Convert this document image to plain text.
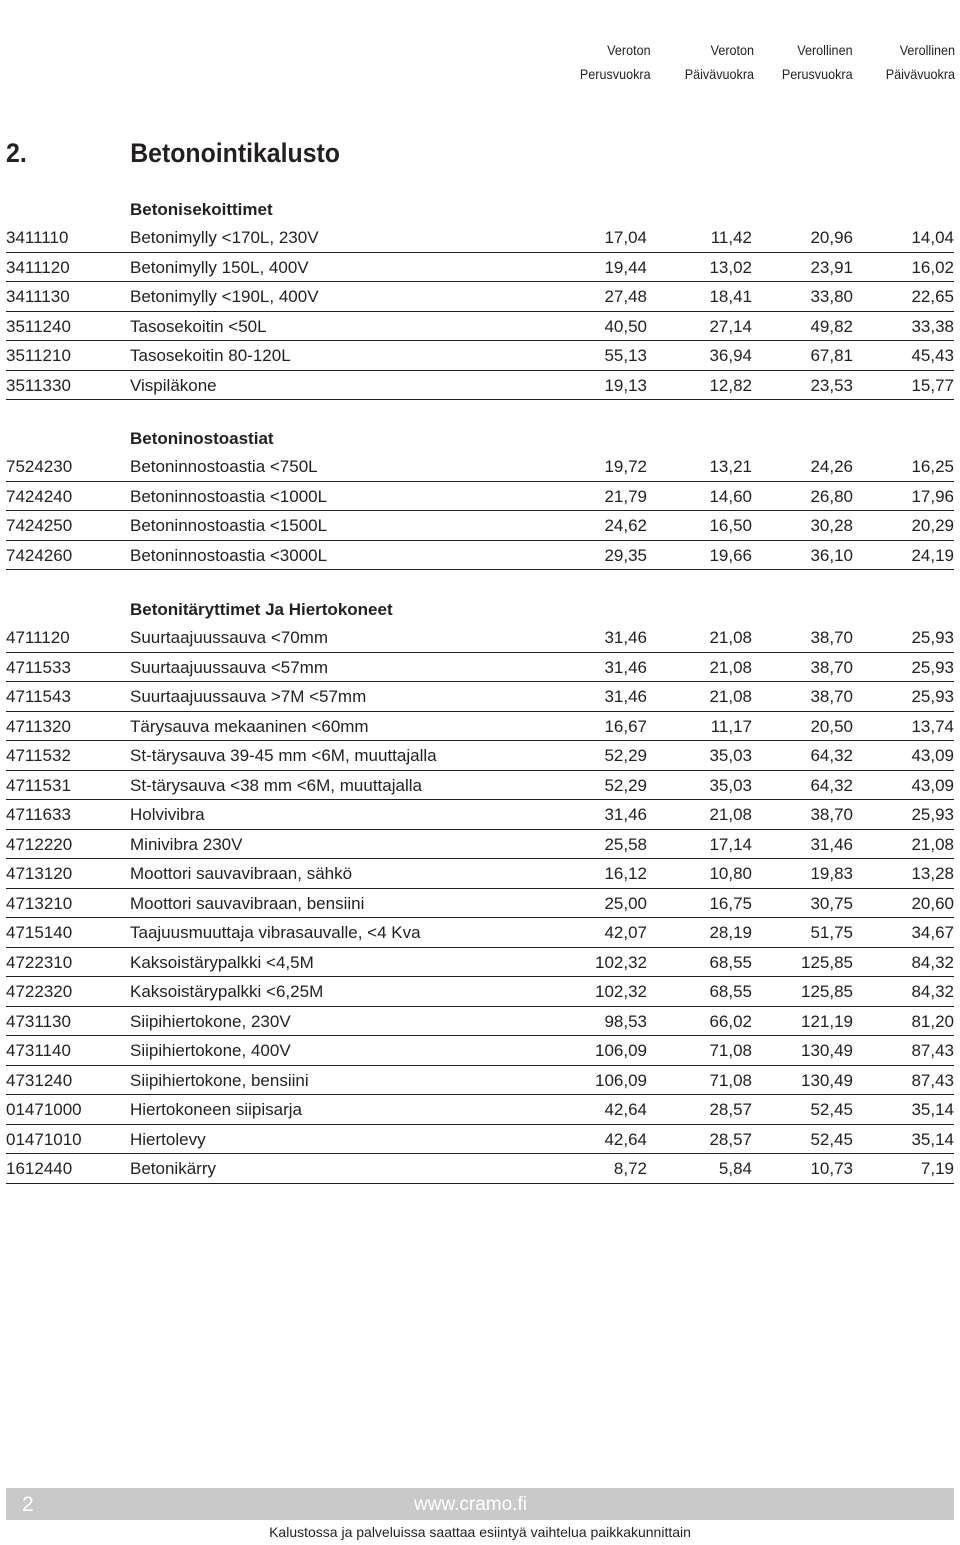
Veroton
Perusvuokra
Veroton
Päivävuokra
Verollinen
Perusvuokra
Verollinen
Päivävuokra
2.	Betonointikalusto
Betonisekoittimet
3411110	Betonimylly <170L, 230V	17,04	11,42	20,96	14,04
3411120	Betonimylly 150L, 400V	19,44	13,02	23,91	16,02
3411130	Betonimylly <190L, 400V	27,48	18,41	33,80	22,65
3511240	Tasosekoitin <50L	40,50	27,14	49,82	33,38
3511210	Tasosekoitin 80-120L	55,13	36,94	67,81	45,43
3511330	Vispiläkone	19,13	12,82	23,53	15,77
Betoninostoastiat
7524230	Betoninnostoastia <750L	19,72	13,21	24,26	16,25
7424240	Betoninnostoastia <1000L	21,79	14,60	26,80	17,96
7424250	Betoninnostoastia <1500L	24,62	16,50	30,28	20,29
7424260	Betoninnostoastia <3000L	29,35	19,66	36,10	24,19
Betonitäryttimet Ja Hiertokoneet
4711120	Suurtaajuussauva <70mm	31,46	21,08	38,70	25,93
4711533	Suurtaajuussauva <57mm	31,46	21,08	38,70	25,93
4711543	Suurtaajuussauva >7M <57mm	31,46	21,08	38,70	25,93
4711320	Tärysauva mekaaninen <60mm	16,67	11,17	20,50	13,74
4711532	St-tärysauva 39-45 mm <6M, muuttajalla	52,29	35,03	64,32	43,09
4711531	St-tärysauva <38 mm <6M, muuttajalla	52,29	35,03	64,32	43,09
4711633	Holvivibra	31,46	21,08	38,70	25,93
4712220	Minivibra 230V	25,58	17,14	31,46	21,08
4713120	Moottori sauvavibraan, sähkö	16,12	10,80	19,83	13,28
4713210	Moottori sauvavibraan, bensiini	25,00	16,75	30,75	20,60
4715140	Taajuusmuuttaja vibrasauvalle, <4 Kva	42,07	28,19	51,75	34,67
4722310	Kaksoistärypalkki <4,5M	102,32	68,55	125,85	84,32
4722320	Kaksoistärypalkki <6,25M	102,32	68,55	125,85	84,32
4731130	Siipihiertokone, 230V	98,53	66,02	121,19	81,20
4731140	Siipihiertokone, 400V	106,09	71,08	130,49	87,43
4731240	Siipihiertokone, bensiini	106,09	71,08	130,49	87,43
01471000	Hiertokoneen siipisarja	42,64	28,57	52,45	35,14
01471010	Hiertolevy	42,64	28,57	52,45	35,14
1612440	Betonikärry	8,72	5,84	10,73	7,19
2	www.cramo.fi
Kalustossa ja palveluissa saattaa esiintyä vaihtelua paikkakunnittain
